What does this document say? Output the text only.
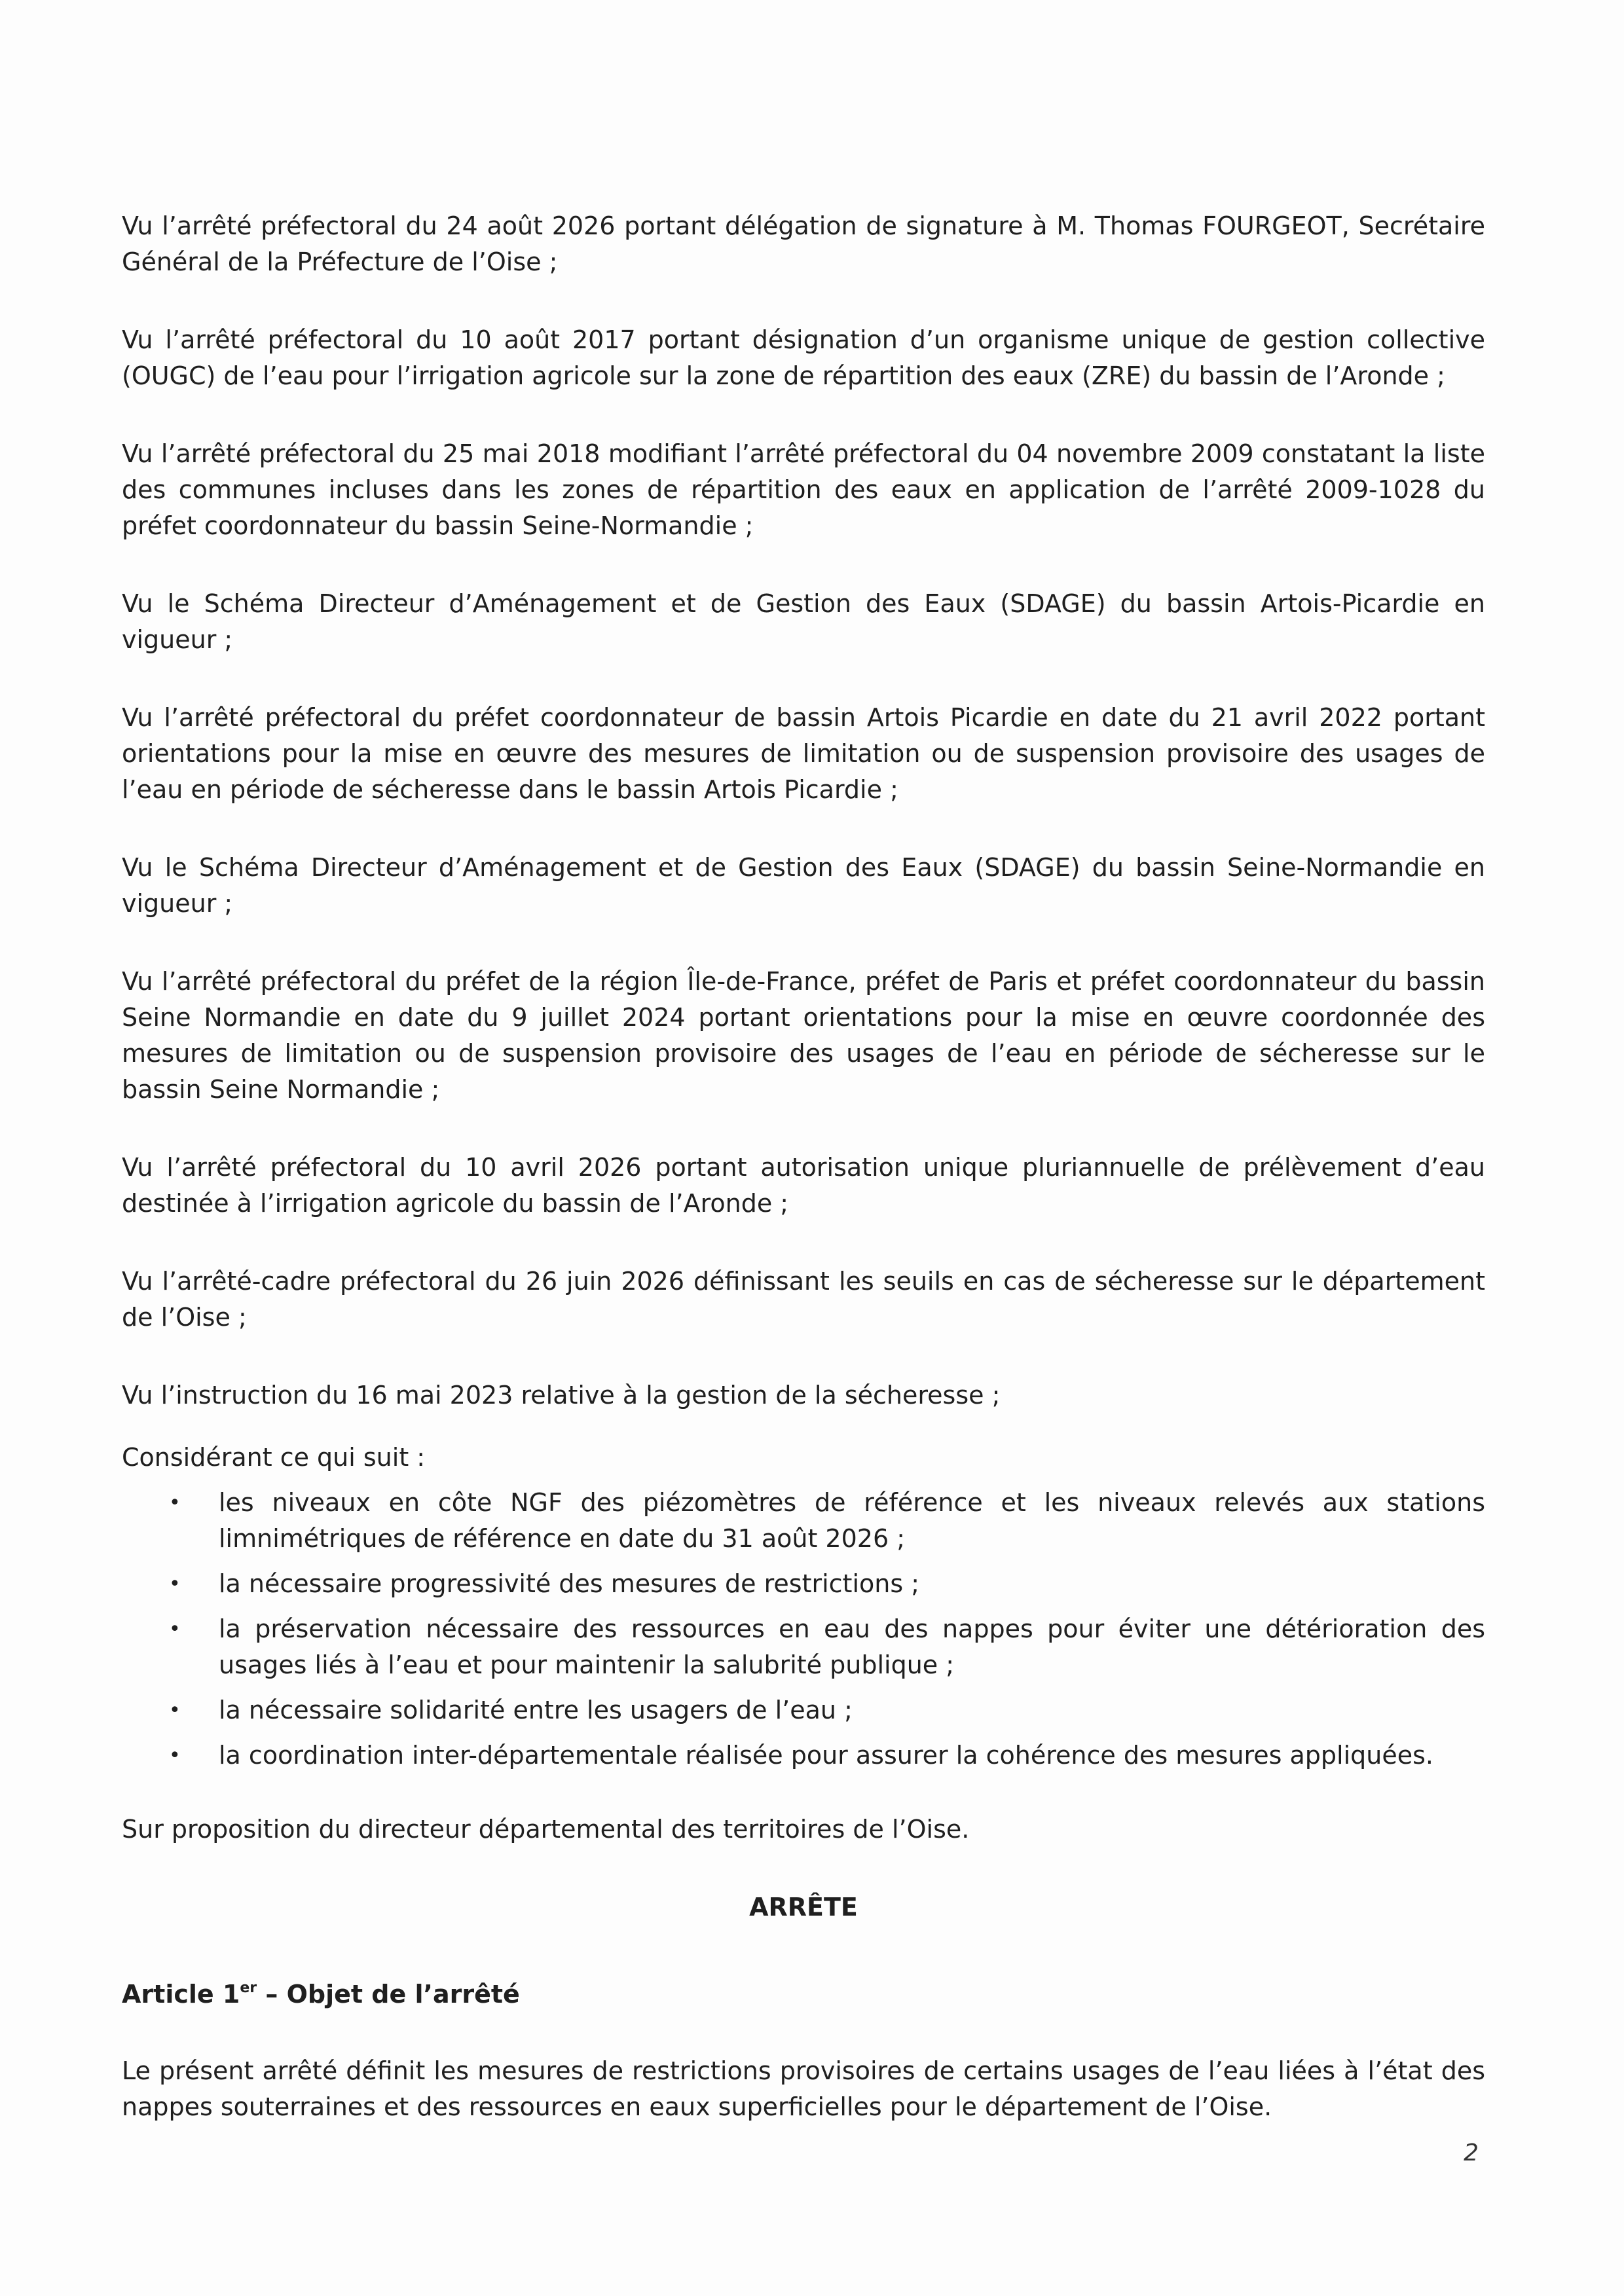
Vu l’arrêté préfectoral du 24 août 2026 portant délégation de signature à M. Thomas FOURGEOT, Secrétaire Général de la Préfecture de l’Oise ;

Vu l’arrêté préfectoral du 10 août 2017 portant désignation d’un organisme unique de gestion collective (OUGC) de l’eau pour l’irrigation agricole sur la zone de répartition des eaux (ZRE) du bassin de l’Aronde ;

Vu l’arrêté préfectoral du 25 mai 2018 modifiant l’arrêté préfectoral du 04 novembre 2009 constatant la liste des communes incluses dans les zones de répartition des eaux en application de l’arrêté 2009-1028 du préfet coordonnateur du bassin Seine-Normandie ;

Vu le Schéma Directeur d’Aménagement et de Gestion des Eaux (SDAGE) du bassin Artois-Picardie en vigueur ;

Vu l’arrêté préfectoral du préfet coordonnateur de bassin Artois Picardie en date du 21 avril 2022 portant orientations pour la mise en œuvre des mesures de limitation ou de suspension provisoire des usages de l’eau en période de sécheresse dans le bassin Artois Picardie ;

Vu le Schéma Directeur d’Aménagement et de Gestion des Eaux (SDAGE) du bassin Seine-Normandie en vigueur ;

Vu l’arrêté préfectoral du préfet de la région Île-de-France, préfet de Paris et préfet coordonnateur du bassin Seine Normandie en date du 9 juillet 2024 portant orientations pour la mise en œuvre coordonnée des mesures de limitation ou de suspension provisoire des usages de l’eau en période de sécheresse sur le bassin Seine Normandie ;

Vu l’arrêté préfectoral du 10 avril 2026 portant autorisation unique pluriannuelle de prélèvement d’eau destinée à l’irrigation agricole du bassin de l’Aronde ;

Vu l’arrêté-cadre préfectoral du 26 juin 2026 définissant les seuils en cas de sécheresse sur le département de l’Oise ;

Vu l’instruction du 16 mai 2023 relative à la gestion de la sécheresse ;

Considérant ce qui suit :

• les niveaux en côte NGF des piézomètres de référence et les niveaux relevés aux stations limnimétriques de référence en date du 31 août 2026 ;
• la nécessaire progressivité des mesures de restrictions ;
• la préservation nécessaire des ressources en eau des nappes pour éviter une détérioration des usages liés à l’eau et pour maintenir la salubrité publique ;
• la nécessaire solidarité entre les usagers de l’eau ;
• la coordination inter-départementale réalisée pour assurer la cohérence des mesures appliquées.

Sur proposition du directeur départemental des territoires de l’Oise.

ARRÊTE

Article 1er – Objet de l’arrêté

Le présent arrêté définit les mesures de restrictions provisoires de certains usages de l’eau liées à l’état des nappes souterraines et des ressources en eaux superficielles pour le département de l’Oise.

2
